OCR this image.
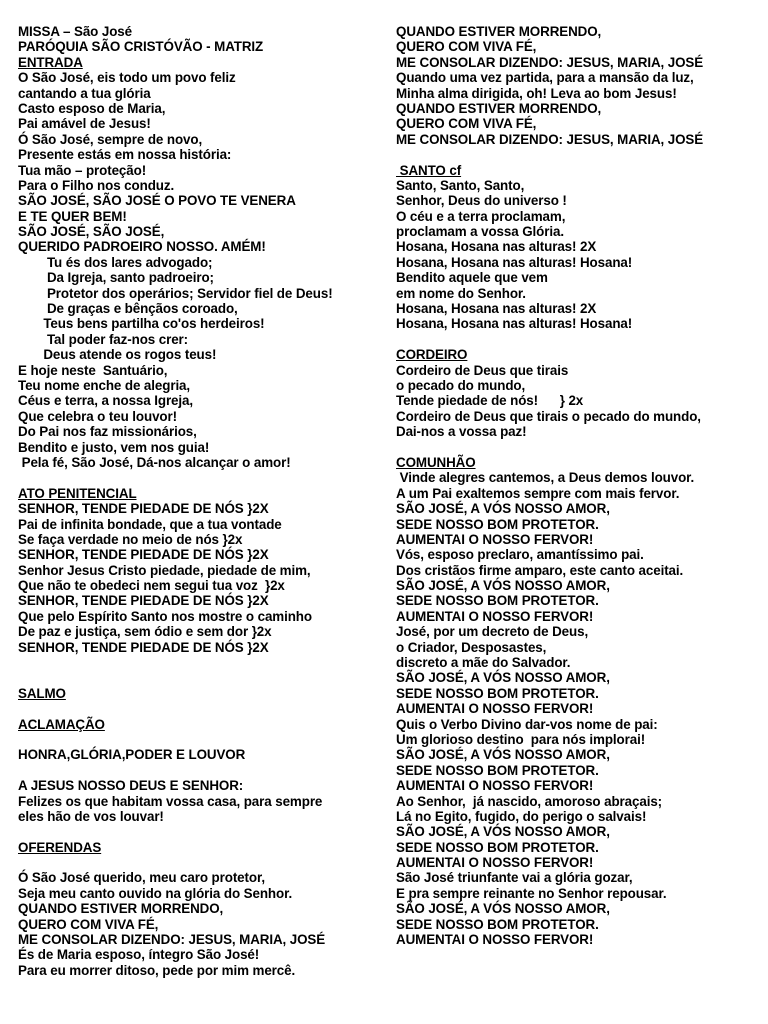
MISSA – São José
PARÓQUIA SÃO CRISTÓVÃO - MATRIZ
ENTRADA
O São José, eis todo um povo feliz
cantando a tua glória
Casto esposo de Maria,
Pai amável de Jesus!
Ó São José, sempre de novo,
Presente estás em nossa história:
Tua mão – proteção!
Para o Filho nos conduz.
SÃO JOSÉ, SÃO JOSÉ O POVO TE VENERA
E TE QUER BEM!
SÃO JOSÉ, SÃO JOSÉ,
QUERIDO PADROEIRO NOSSO. AMÉM!
Tu és dos lares advogado;
Da Igreja, santo padroeiro;
Protetor dos operários; Servidor fiel de Deus!
De graças e bênçãos coroado,
Teus bens partilha co'os herdeiros!
Tal poder faz-nos crer:
Deus atende os rogos teus!
E hoje neste  Santuário,
Teu nome enche de alegria,
Céus e terra, a nossa Igreja,
Que celebra o teu louvor!
Do Pai nos faz missionários,
Bendito e justo, vem nos guia!
Pela fé, São José, Dá-nos alcançar o amor!
ATO PENITENCIAL
SENHOR, TENDE PIEDADE DE NÓS }2X
Pai de infinita bondade, que a tua vontade
Se faça verdade no meio de nós }2x
SENHOR, TENDE PIEDADE DE NÓS }2X
Senhor Jesus Cristo piedade, piedade de mim,
Que não te obedeci nem segui tua voz  }2x
SENHOR, TENDE PIEDADE DE NÓS }2X
Que pelo Espírito Santo nos mostre o caminho
De paz e justiça, sem ódio e sem dor }2x
SENHOR, TENDE PIEDADE DE NÓS }2X
SALMO
ACLAMAÇÃO
HONRA,GLÓRIA,PODER E LOUVOR
A JESUS NOSSO DEUS E SENHOR:
Felizes os que habitam vossa casa, para sempre
eles hão de vos louvar!
OFERENDAS
Ó São José querido, meu caro protetor,
Seja meu canto ouvido na glória do Senhor.
QUANDO ESTIVER MORRENDO,
QUERO COM VIVA FÉ,
ME CONSOLAR DIZENDO: JESUS, MARIA, JOSÉ
És de Maria esposo, íntegro São José!
Para eu morrer ditoso, pede por mim mercê.
QUANDO ESTIVER MORRENDO,
QUERO COM VIVA FÉ,
ME CONSOLAR DIZENDO: JESUS, MARIA, JOSÉ
Quando uma vez partida, para a mansão da luz,
Minha alma dirigida, oh! Leva ao bom Jesus!
QUANDO ESTIVER MORRENDO,
QUERO COM VIVA FÉ,
ME CONSOLAR DIZENDO: JESUS, MARIA, JOSÉ
SANTO cf
Santo, Santo, Santo,
Senhor, Deus do universo !
O céu e a terra proclamam,
proclamam a vossa Glória.
Hosana, Hosana nas alturas! 2X
Hosana, Hosana nas alturas! Hosana!
Bendito aquele que vem
em nome do Senhor.
Hosana, Hosana nas alturas! 2X
Hosana, Hosana nas alturas! Hosana!
CORDEIRO
Cordeiro de Deus que tirais
o pecado do mundo,
Tende piedade de nós!      } 2x
Cordeiro de Deus que tirais o pecado do mundo,
Dai-nos a vossa paz!
COMUNHÃO
Vinde alegres cantemos, a Deus demos louvor.
A um Pai exaltemos sempre com mais fervor.
SÃO JOSÉ, A VÓS NOSSO AMOR,
SEDE NOSSO BOM PROTETOR.
AUMENTAI O NOSSO FERVOR!
Vós, esposo preclaro, amantíssimo pai.
Dos cristãos firme amparo, este canto aceitai.
SÃO JOSÉ, A VÓS NOSSO AMOR,
SEDE NOSSO BOM PROTETOR.
AUMENTAI O NOSSO FERVOR!
José, por um decreto de Deus,
o Criador, Desposastes,
discreto a mãe do Salvador.
SÃO JOSÉ, A VÓS NOSSO AMOR,
SEDE NOSSO BOM PROTETOR.
AUMENTAI O NOSSO FERVOR!
Quis o Verbo Divino dar-vos nome de pai:
Um glorioso destino  para nós implorai!
SÃO JOSÉ, A VÓS NOSSO AMOR,
SEDE NOSSO BOM PROTETOR.
AUMENTAI O NOSSO FERVOR!
Ao Senhor,  já nascido, amoroso abraçais;
Lá no Egito, fugido, do perigo o salvais!
SÃO JOSÉ, A VÓS NOSSO AMOR,
SEDE NOSSO BOM PROTETOR.
AUMENTAI O NOSSO FERVOR!
São José triunfante vai a glória gozar,
E pra sempre reinante no Senhor repousar.
SÃO JOSÉ, A VÓS NOSSO AMOR,
SEDE NOSSO BOM PROTETOR.
AUMENTAI O NOSSO FERVOR!
